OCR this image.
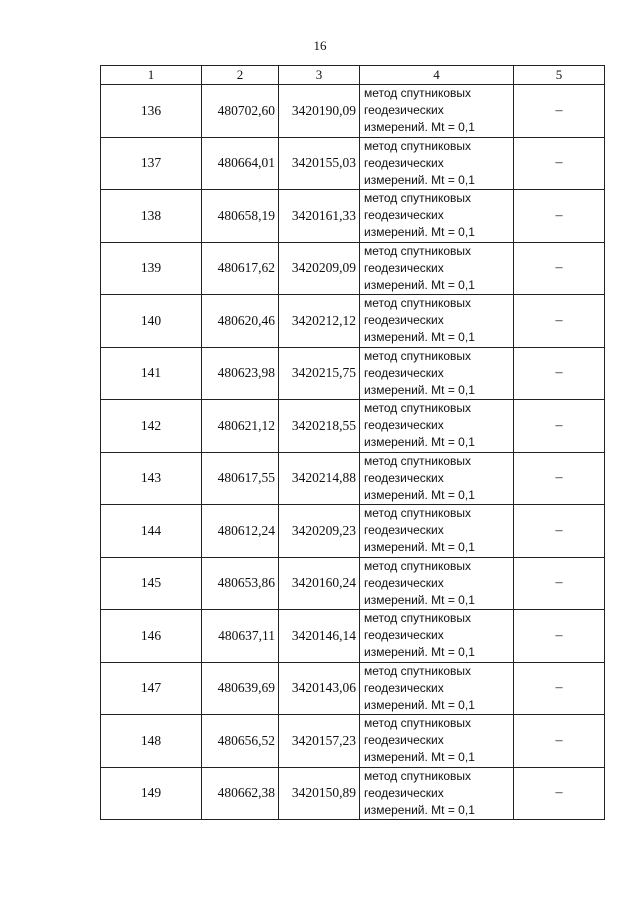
16
1	2	3	4	5
136	480702,60	3420190,09	метод спутниковых
геодезических
измерений. Mt = 0,1	–
137	480664,01	3420155,03	метод спутниковых
геодезических
измерений. Mt = 0,1	–
138	480658,19	3420161,33	метод спутниковых
геодезических
измерений. Mt = 0,1	–
139	480617,62	3420209,09	метод спутниковых
геодезических
измерений. Mt = 0,1	–
140	480620,46	3420212,12	метод спутниковых
геодезических
измерений. Mt = 0,1	–
141	480623,98	3420215,75	метод спутниковых
геодезических
измерений. Mt = 0,1	–
142	480621,12	3420218,55	метод спутниковых
геодезических
измерений. Mt = 0,1	–
143	480617,55	3420214,88	метод спутниковых
геодезических
измерений. Mt = 0,1	–
144	480612,24	3420209,23	метод спутниковых
геодезических
измерений. Mt = 0,1	–
145	480653,86	3420160,24	метод спутниковых
геодезических
измерений. Mt = 0,1	–
146	480637,11	3420146,14	метод спутниковых
геодезических
измерений. Mt = 0,1	–
147	480639,69	3420143,06	метод спутниковых
геодезических
измерений. Mt = 0,1	–
148	480656,52	3420157,23	метод спутниковых
геодезических
измерений. Mt = 0,1	–
149	480662,38	3420150,89	метод спутниковых
геодезических
измерений. Mt = 0,1	–
